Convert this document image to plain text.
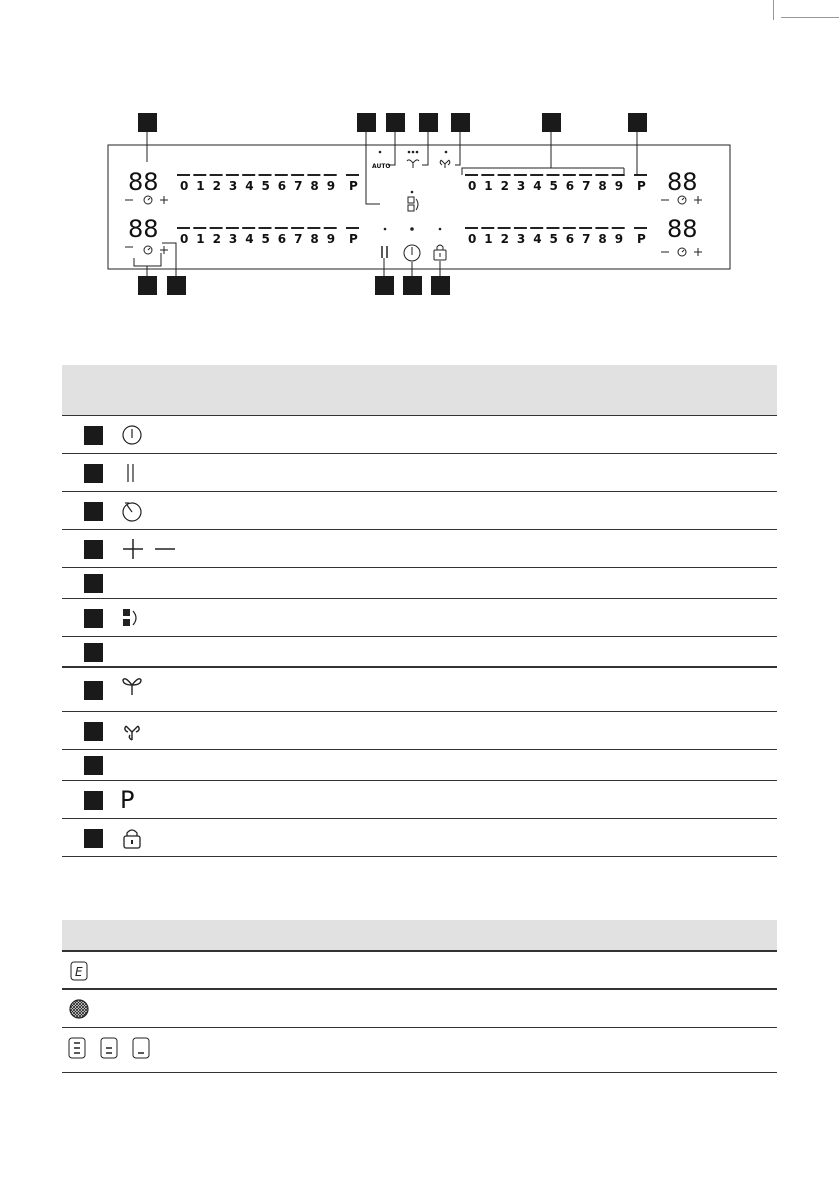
88
88
88
88
0 1 2 3 4 5 6 7 8 9 P
0 1 2 3 4 5 6 7 8 9 P
0 1 2 3 4 5 6 7 8 9 P
0 1 2 3 4 5 6 7 8 9 P
AUTO
P
E
